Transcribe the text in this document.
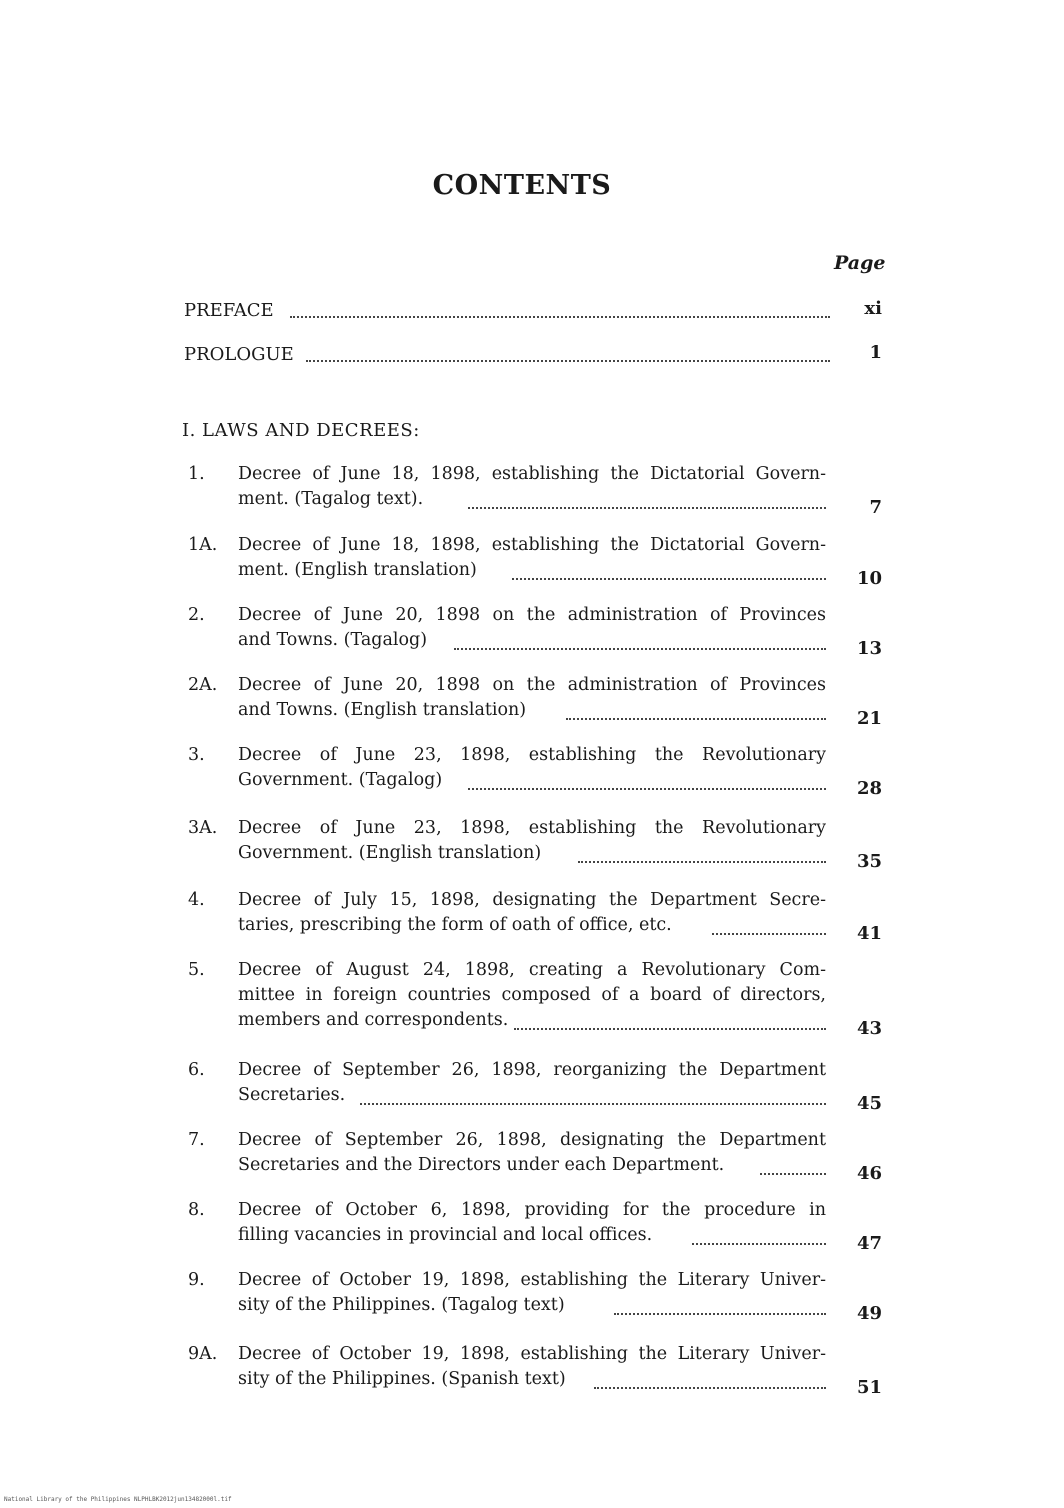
CONTENTS
Page
PREFACE	xi
PROLOGUE	1
I. LAWS AND DECREES:
1.	Decree of June 18, 1898, establishing the Dictatorial Govern-
ment. (Tagalog text).	7
1A.	Decree of June 18, 1898, establishing the Dictatorial Govern-
ment. (English translation)	10
2.	Decree of June 20, 1898 on the administration of Provinces
and Towns. (Tagalog)	13
2A.	Decree of June 20, 1898 on the administration of Provinces
and Towns. (English translation)	21
3.	Decree of June 23, 1898, establishing the Revolutionary
Government. (Tagalog)	28
3A.	Decree of June 23, 1898, establishing the Revolutionary
Government. (English translation)	35
4.	Decree of July 15, 1898, designating the Department Secre-
taries, prescribing the form of oath of office, etc.	41
5.	Decree of August 24, 1898, creating a Revolutionary Com-
mittee in foreign countries composed of a board of directors,
members and correspondents.	43
6.	Decree of September 26, 1898, reorganizing the Department
Secretaries.	45
7.	Decree of September 26, 1898, designating the Department
Secretaries and the Directors under each Department.	46
8.	Decree of October 6, 1898, providing for the procedure in
filling vacancies in provincial and local offices.	47
9.	Decree of October 19, 1898, establishing the Literary Univer-
sity of the Philippines. (Tagalog text)	49
9A.	Decree of October 19, 1898, establishing the Literary Univer-
sity of the Philippines. (Spanish text)	51
National Library of the Philippines NLPHLBK2012jun13482000l.tif
